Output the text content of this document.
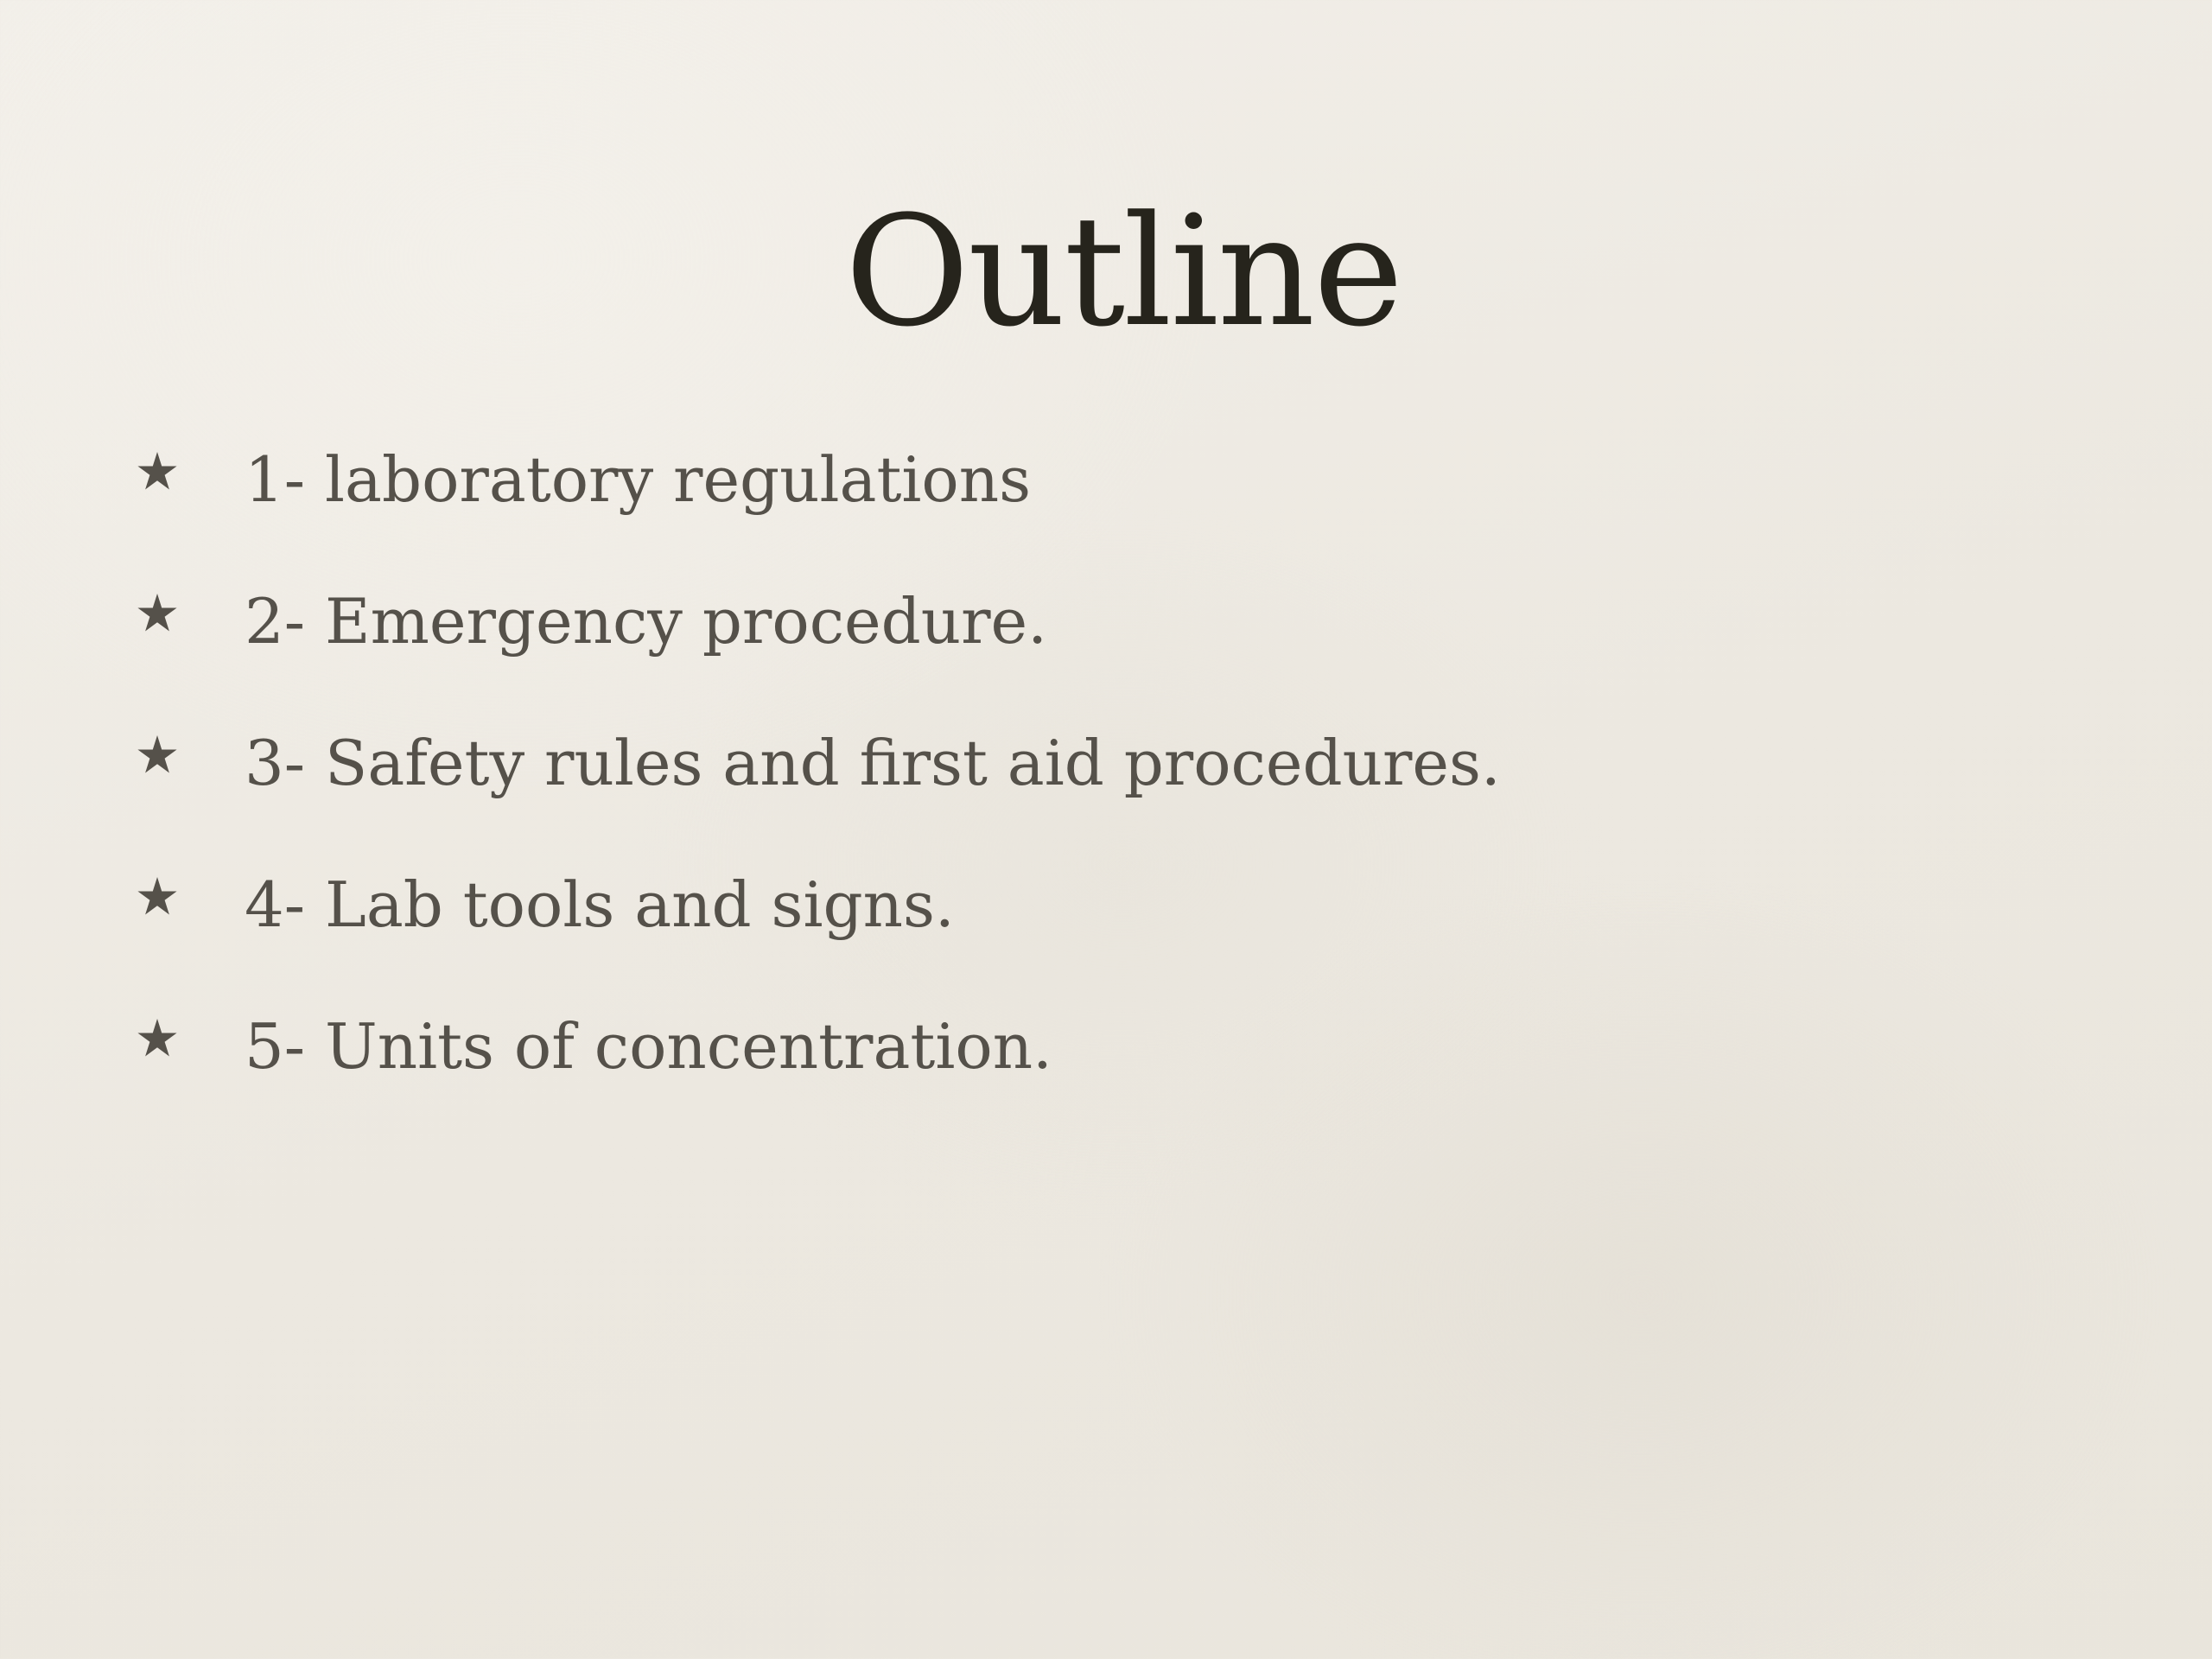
Outline
1- laboratory regulations
2- Emergency procedure.
3- Safety rules and first aid procedures.
4- Lab tools and signs.
5- Units of concentration.
